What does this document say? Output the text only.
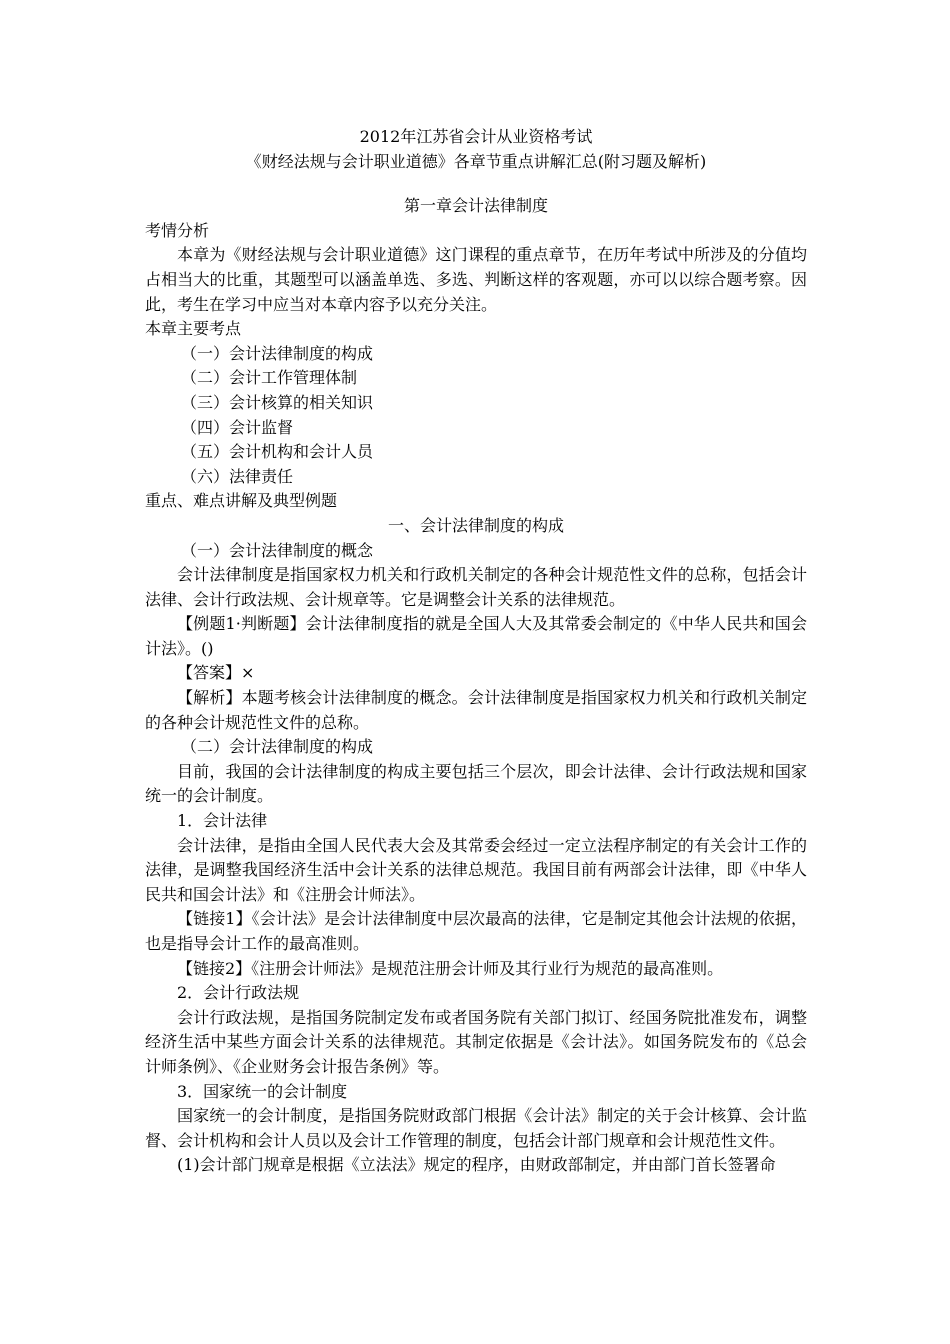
2012年江苏省会计从业资格考试
《财经法规与会计职业道德》各章节重点讲解汇总(附习题及解析)
第一章会计法律制度
考情分析
本章为《财经法规与会计职业道德》这门课程的重点章节，在历年考试中所涉及的分值均占相当大的比重，其题型可以涵盖单选、多选、判断这样的客观题，亦可以以综合题考察。因此，考生在学习中应当对本章内容予以充分关注。
本章主要考点
（一）会计法律制度的构成
（二）会计工作管理体制
（三）会计核算的相关知识
（四）会计监督
（五）会计机构和会计人员
（六）法律责任
重点、难点讲解及典型例题
一、会计法律制度的构成
（一）会计法律制度的概念
会计法律制度是指国家权力机关和行政机关制定的各种会计规范性文件的总称，包括会计法律、会计行政法规、会计规章等。它是调整会计关系的法律规范。
【例题1·判断题】会计法律制度指的就是全国人大及其常委会制定的《中华人民共和国会计法》。()
【答案】×
【解析】本题考核会计法律制度的概念。会计法律制度是指国家权力机关和行政机关制定的各种会计规范性文件的总称。
（二）会计法律制度的构成
目前，我国的会计法律制度的构成主要包括三个层次，即会计法律、会计行政法规和国家统一的会计制度。
1．会计法律
会计法律，是指由全国人民代表大会及其常委会经过一定立法程序制定的有关会计工作的法律，是调整我国经济生活中会计关系的法律总规范。我国目前有两部会计法律，即《中华人民共和国会计法》和《注册会计师法》。
【链接1】《会计法》是会计法律制度中层次最高的法律，它是制定其他会计法规的依据，也是指导会计工作的最高准则。
【链接2】《注册会计师法》是规范注册会计师及其行业行为规范的最高准则。
2．会计行政法规
会计行政法规，是指国务院制定发布或者国务院有关部门拟订、经国务院批准发布，调整经济生活中某些方面会计关系的法律规范。其制定依据是《会计法》。如国务院发布的《总会计师条例》、《企业财务会计报告条例》等。
3．国家统一的会计制度
国家统一的会计制度，是指国务院财政部门根据《会计法》制定的关于会计核算、会计监督、会计机构和会计人员以及会计工作管理的制度，包括会计部门规章和会计规范性文件。
(1)会计部门规章是根据《立法法》规定的程序，由财政部制定，并由部门首长签署命
